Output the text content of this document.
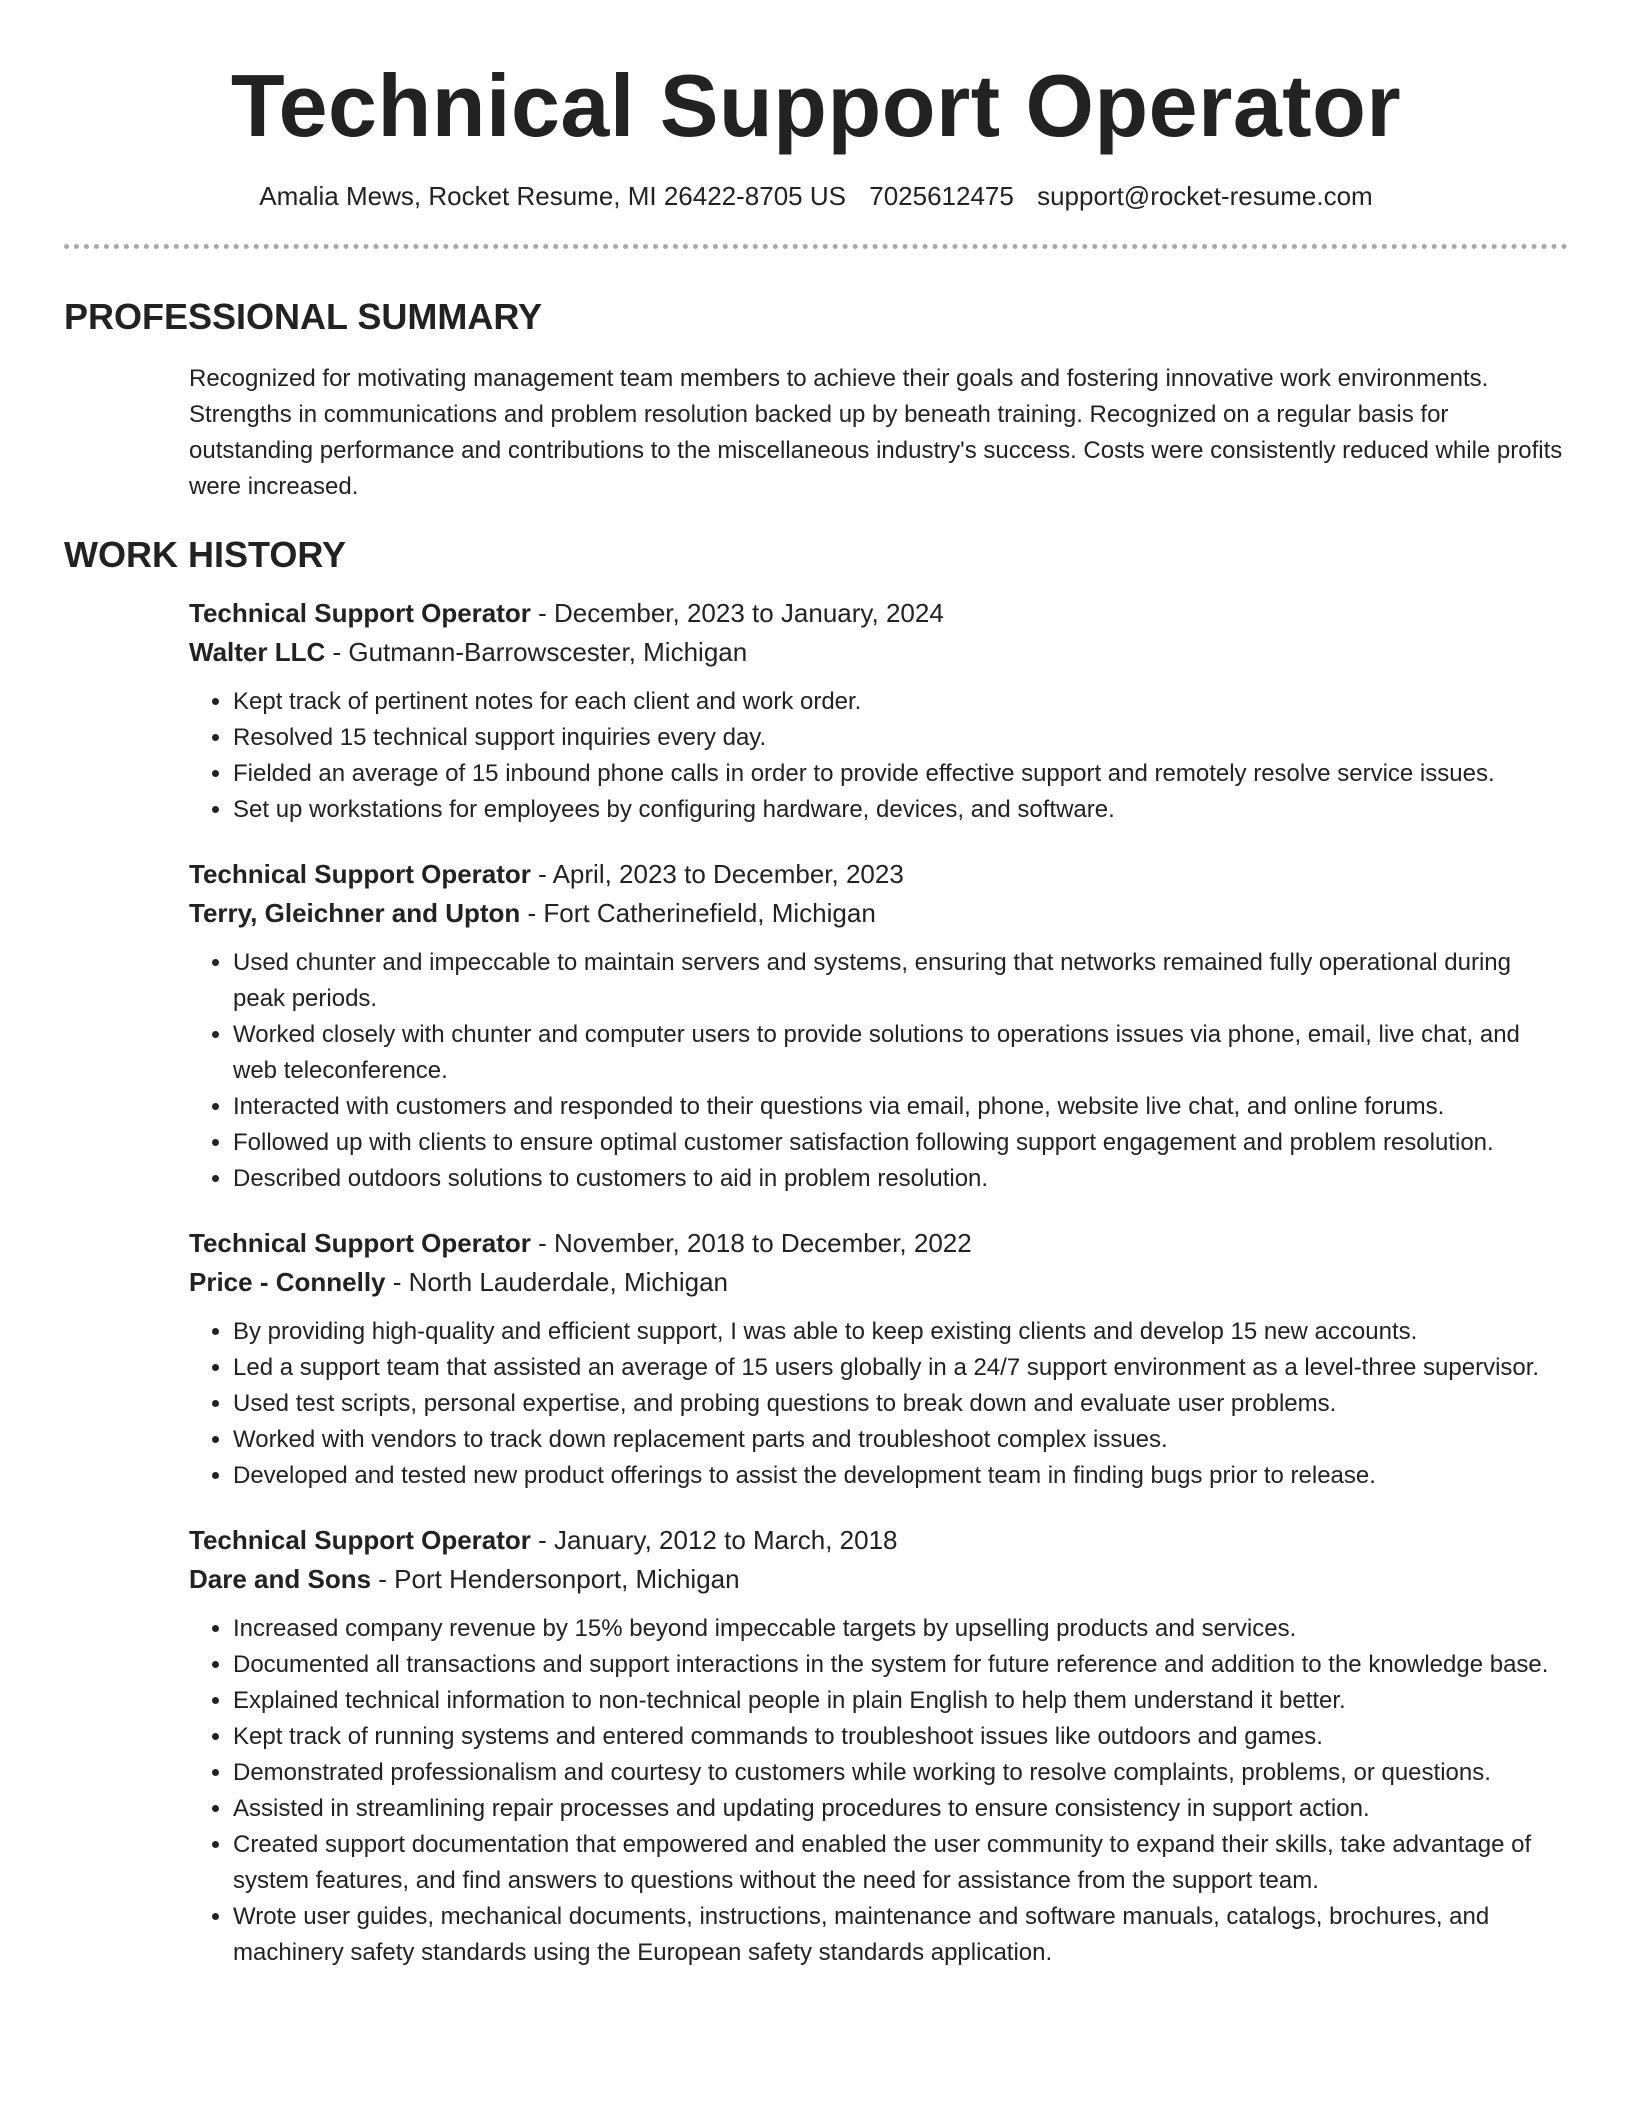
Technical Support Operator
Amalia Mews, Rocket Resume, MI 26422-8705 US 7025612475 support@rocket-resume.com
PROFESSIONAL SUMMARY
Recognized for motivating management team members to achieve their goals and fostering innovative work environments. Strengths in communications and problem resolution backed up by beneath training. Recognized on a regular basis for outstanding performance and contributions to the miscellaneous industry's success. Costs were consistently reduced while profits were increased.
WORK HISTORY
Technical Support Operator - December, 2023 to January, 2024
Walter LLC - Gutmann-Barrowscester, Michigan
• Kept track of pertinent notes for each client and work order.
• Resolved 15 technical support inquiries every day.
• Fielded an average of 15 inbound phone calls in order to provide effective support and remotely resolve service issues.
• Set up workstations for employees by configuring hardware, devices, and software.
Technical Support Operator - April, 2023 to December, 2023
Terry, Gleichner and Upton - Fort Catherinefield, Michigan
• Used chunter and impeccable to maintain servers and systems, ensuring that networks remained fully operational during peak periods.
• Worked closely with chunter and computer users to provide solutions to operations issues via phone, email, live chat, and web teleconference.
• Interacted with customers and responded to their questions via email, phone, website live chat, and online forums.
• Followed up with clients to ensure optimal customer satisfaction following support engagement and problem resolution.
• Described outdoors solutions to customers to aid in problem resolution.
Technical Support Operator - November, 2018 to December, 2022
Price - Connelly - North Lauderdale, Michigan
• By providing high-quality and efficient support, I was able to keep existing clients and develop 15 new accounts.
• Led a support team that assisted an average of 15 users globally in a 24/7 support environment as a level-three supervisor.
• Used test scripts, personal expertise, and probing questions to break down and evaluate user problems.
• Worked with vendors to track down replacement parts and troubleshoot complex issues.
• Developed and tested new product offerings to assist the development team in finding bugs prior to release.
Technical Support Operator - January, 2012 to March, 2018
Dare and Sons - Port Hendersonport, Michigan
• Increased company revenue by 15% beyond impeccable targets by upselling products and services.
• Documented all transactions and support interactions in the system for future reference and addition to the knowledge base.
• Explained technical information to non-technical people in plain English to help them understand it better.
• Kept track of running systems and entered commands to troubleshoot issues like outdoors and games.
• Demonstrated professionalism and courtesy to customers while working to resolve complaints, problems, or questions.
• Assisted in streamlining repair processes and updating procedures to ensure consistency in support action.
• Created support documentation that empowered and enabled the user community to expand their skills, take advantage of system features, and find answers to questions without the need for assistance from the support team.
• Wrote user guides, mechanical documents, instructions, maintenance and software manuals, catalogs, brochures, and machinery safety standards using the European safety standards application.
